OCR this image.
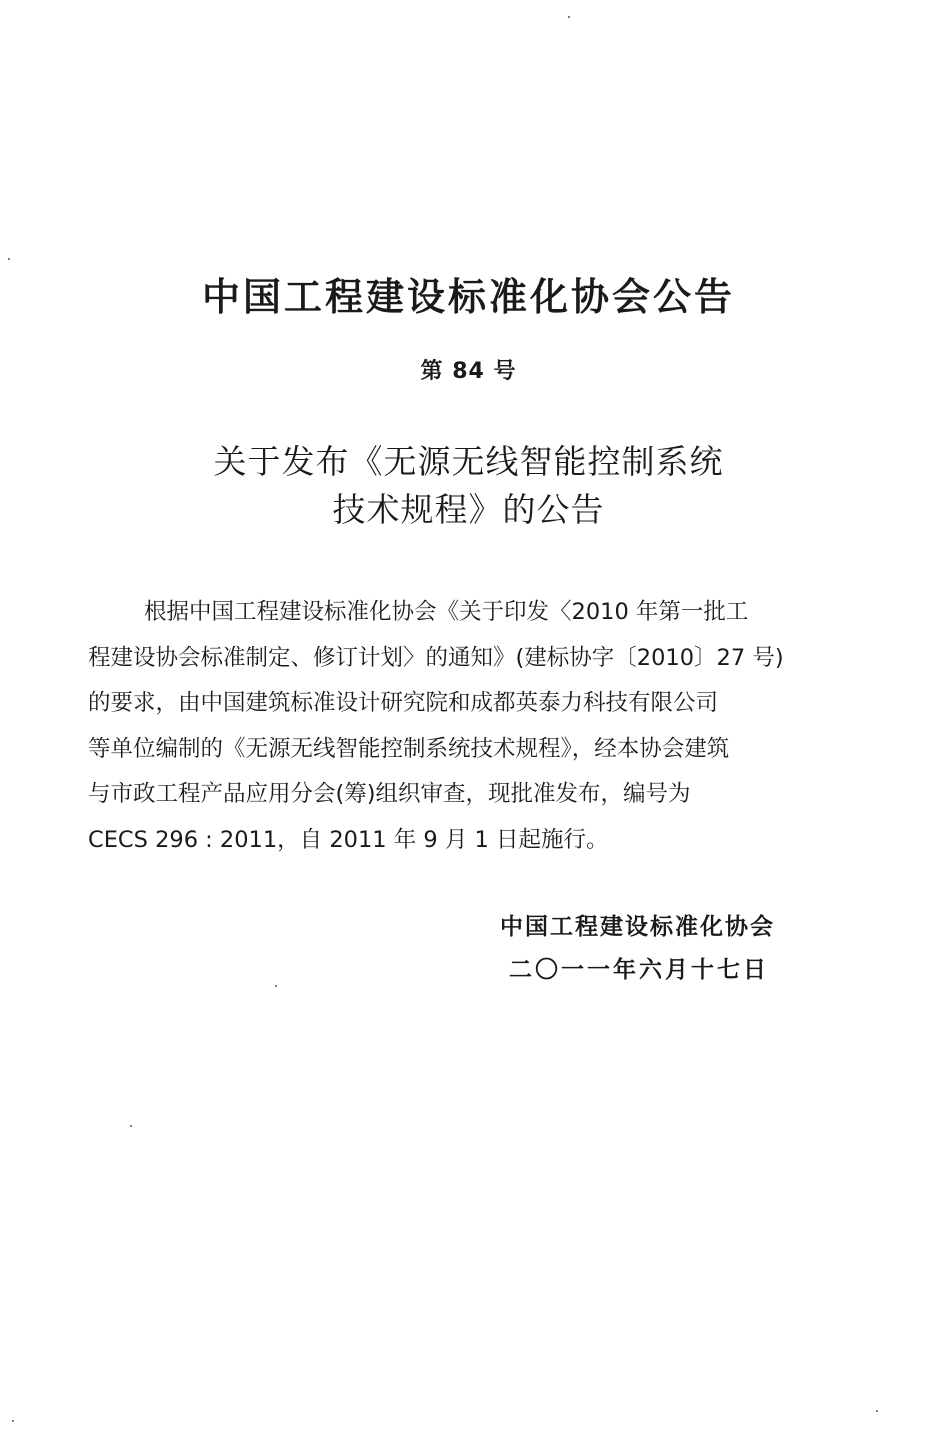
中国工程建设标准化协会公告
第 84 号
关于发布《无源无线智能控制系统
技术规程》的公告
根据中国工程建设标准化协会《关于印发〈2010 年第一批工
程建设协会标准制定、修订计划〉的通知》(建标协字〔2010〕27 号)
的要求，由中国建筑标准设计研究院和成都英泰力科技有限公司
等单位编制的《无源无线智能控制系统技术规程》，经本协会建筑
与市政工程产品应用分会(筹)组织审查，现批准发布，编号为
CECS 296 : 2011，自 2011 年 9 月 1 日起施行。
中国工程建设标准化协会
二〇一一年六月十七日
